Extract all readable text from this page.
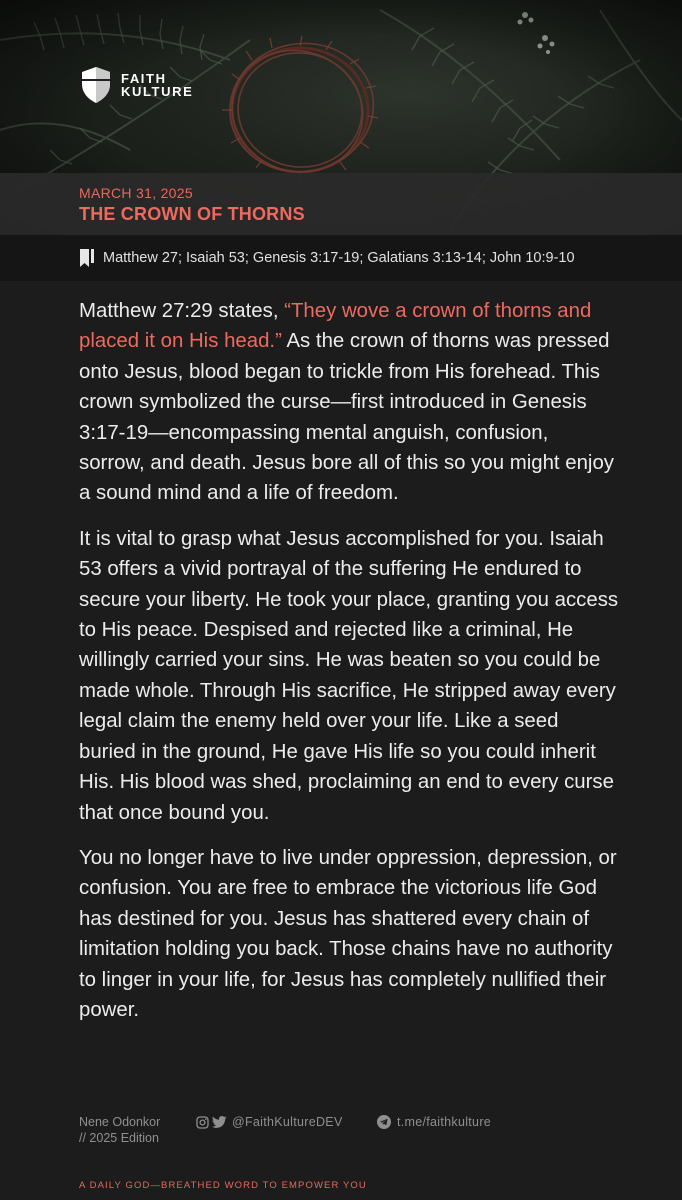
FAITH
KULTURE
MARCH 31, 2025
THE CROWN OF THORNS
Matthew 27; Isaiah 53; Genesis 3:17-19; Galatians 3:13-14; John 10:9-10

Matthew 27:29 states, “They wove a crown of thorns and placed it on His head.” As the crown of thorns was pressed onto Jesus, blood began to trickle from His forehead. This crown symbolized the curse—first introduced in Genesis 3:17-19—encompassing mental anguish, confusion, sorrow, and death. Jesus bore all of this so you might enjoy a sound mind and a life of freedom.

It is vital to grasp what Jesus accomplished for you. Isaiah 53 offers a vivid portrayal of the suffering He endured to secure your liberty. He took your place, granting you access to His peace. Despised and rejected like a criminal, He willingly carried your sins. He was beaten so you could be made whole. Through His sacrifice, He stripped away every legal claim the enemy held over your life. Like a seed buried in the ground, He gave His life so you could inherit His. His blood was shed, proclaiming an end to every curse that once bound you.

You no longer have to live under oppression, depression, or confusion. You are free to embrace the victorious life God has destined for you. Jesus has shattered every chain of limitation holding you back. Those chains have no authority to linger in your life, for Jesus has completely nullified their power.

Nene Odonkor
// 2025 Edition
@FaithKultureDEV	t.me/faithkulture
A DAILY GOD—BREATHED WORD TO EMPOWER YOU
